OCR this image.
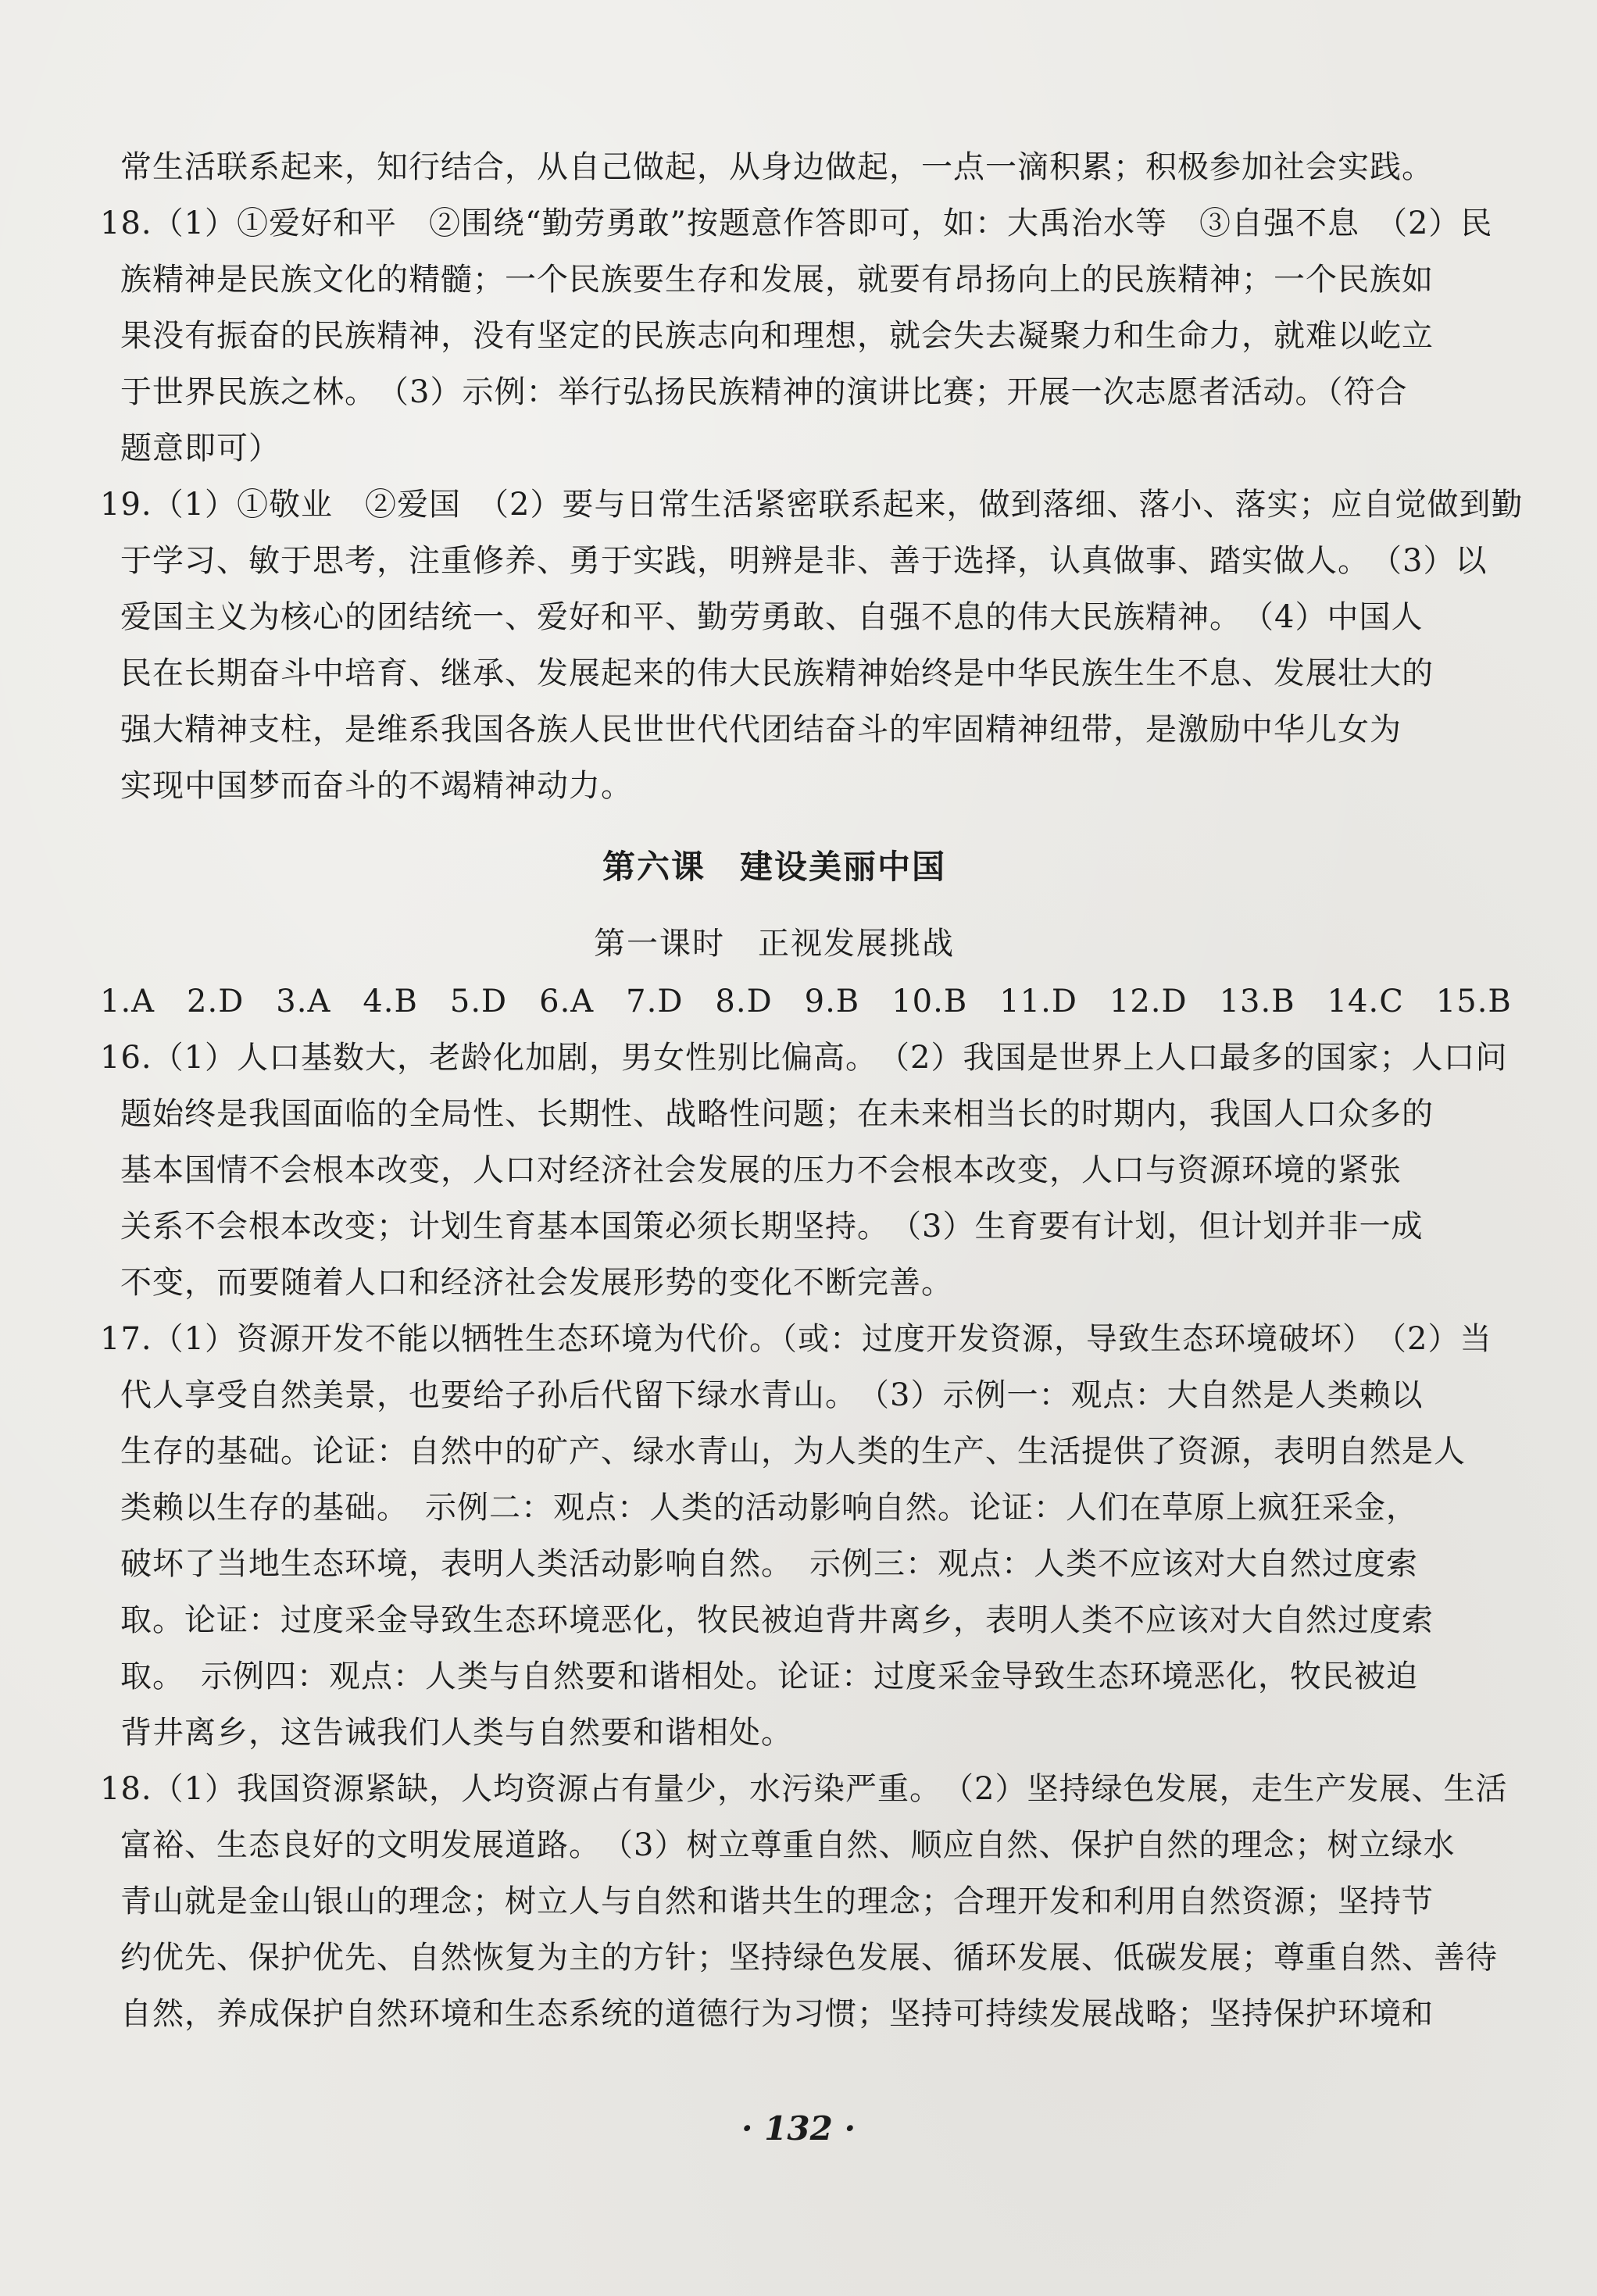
常生活联系起来，知行结合，从自己做起，从身边做起，一点一滴积累；积极参加社会实践。
18.（1）①爱好和平　②围绕“勤劳勇敢”按题意作答即可，如：大禹治水等　③自强不息　（2）民
族精神是民族文化的精髓；一个民族要生存和发展，就要有昂扬向上的民族精神；一个民族如
果没有振奋的民族精神，没有坚定的民族志向和理想，就会失去凝聚力和生命力，就难以屹立
于世界民族之林。　（3）示例：举行弘扬民族精神的演讲比赛；开展一次志愿者活动。（符合
题意即可）
19.（1）①敬业　②爱国　（2）要与日常生活紧密联系起来，做到落细、落小、落实；应自觉做到勤
于学习、敏于思考，注重修养、勇于实践，明辨是非、善于选择，认真做事、踏实做人。　（3）以
爱国主义为核心的团结统一、爱好和平、勤劳勇敢、自强不息的伟大民族精神。　（4）中国人
民在长期奋斗中培育、继承、发展起来的伟大民族精神始终是中华民族生生不息、发展壮大的
强大精神支柱，是维系我国各族人民世世代代团结奋斗的牢固精神纽带，是激励中华儿女为
实现中国梦而奋斗的不竭精神动力。
第六课　建设美丽中国
第一课时　正视发展挑战
1.A　2.D　3.A　4.B　5.D　6.A　7.D　8.D　9.B　10.B　11.D　12.D　13.B　14.C　15.B
16.（1）人口基数大，老龄化加剧，男女性别比偏高。　（2）我国是世界上人口最多的国家；人口问
题始终是我国面临的全局性、长期性、战略性问题；在未来相当长的时期内，我国人口众多的
基本国情不会根本改变，人口对经济社会发展的压力不会根本改变，人口与资源环境的紧张
关系不会根本改变；计划生育基本国策必须长期坚持。　（3）生育要有计划，但计划并非一成
不变，而要随着人口和经济社会发展形势的变化不断完善。
17.（1）资源开发不能以牺牲生态环境为代价。（或：过度开发资源，导致生态环境破坏）　（2）当
代人享受自然美景，也要给子孙后代留下绿水青山。　（3）示例一：观点：大自然是人类赖以
生存的基础。论证：自然中的矿产、绿水青山，为人类的生产、生活提供了资源，表明自然是人
类赖以生存的基础。　示例二：观点：人类的活动影响自然。论证：人们在草原上疯狂采金，
破坏了当地生态环境，表明人类活动影响自然。　示例三：观点：人类不应该对大自然过度索
取。论证：过度采金导致生态环境恶化，牧民被迫背井离乡，表明人类不应该对大自然过度索
取。　示例四：观点：人类与自然要和谐相处。论证：过度采金导致生态环境恶化，牧民被迫
背井离乡，这告诫我们人类与自然要和谐相处。
18.（1）我国资源紧缺，人均资源占有量少，水污染严重。　（2）坚持绿色发展，走生产发展、生活
富裕、生态良好的文明发展道路。　（3）树立尊重自然、顺应自然、保护自然的理念；树立绿水
青山就是金山银山的理念；树立人与自然和谐共生的理念；合理开发和利用自然资源；坚持节
约优先、保护优先、自然恢复为主的方针；坚持绿色发展、循环发展、低碳发展；尊重自然、善待
自然，养成保护自然环境和生态系统的道德行为习惯；坚持可持续发展战略；坚持保护环境和
· 132 ·
